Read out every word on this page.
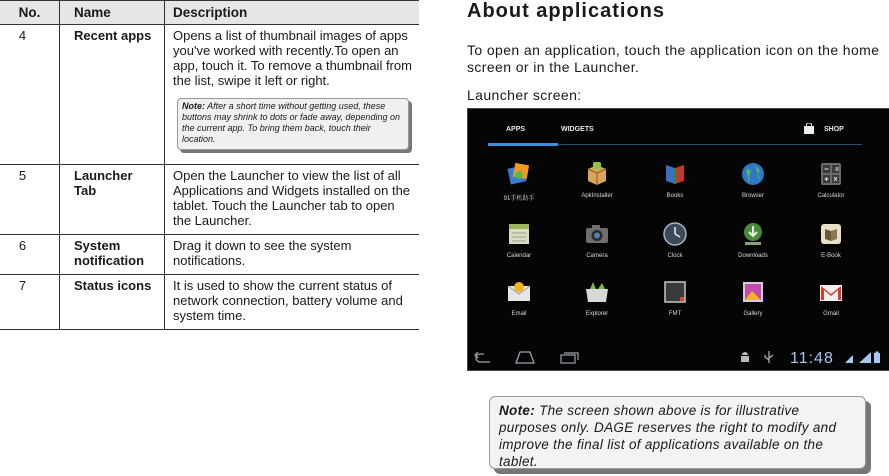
No.	Name	Description
4	Recent apps	Opens a list of thumbnail images of apps you've worked with recently.To open an app, touch it. To remove a thumbnail from the list, swipe it left or right.
Note: After a short time without getting used, these buttons may shrink to dots or fade away, depending on the current app. To bring them back, touch their location.

5	Launcher Tab	Open the Launcher to view the list of all Applications and Widgets installed on the tablet. Touch the Launcher tab to open the Launcher.
6	System notification	Drag it down to see the system notifications.
7	Status icons	It is used to show the current status of network connection, battery volume and system time.
About applications
To open an application, touch the application icon on the home screen or in the Launcher.
Launcher screen:
APPS	WIDGETS	SHOP
91手机助手	ApkInstaller	Books	Browser	Calculator
Calendar	Camera	Clock	Downloads	E-Book
Email	Explorer	FMT	Gallery	Gmail
11:48
Note: The screen shown above is for illustrative purposes only. DAGE reserves the right to modify and improve the final list of applications available on the tablet.
